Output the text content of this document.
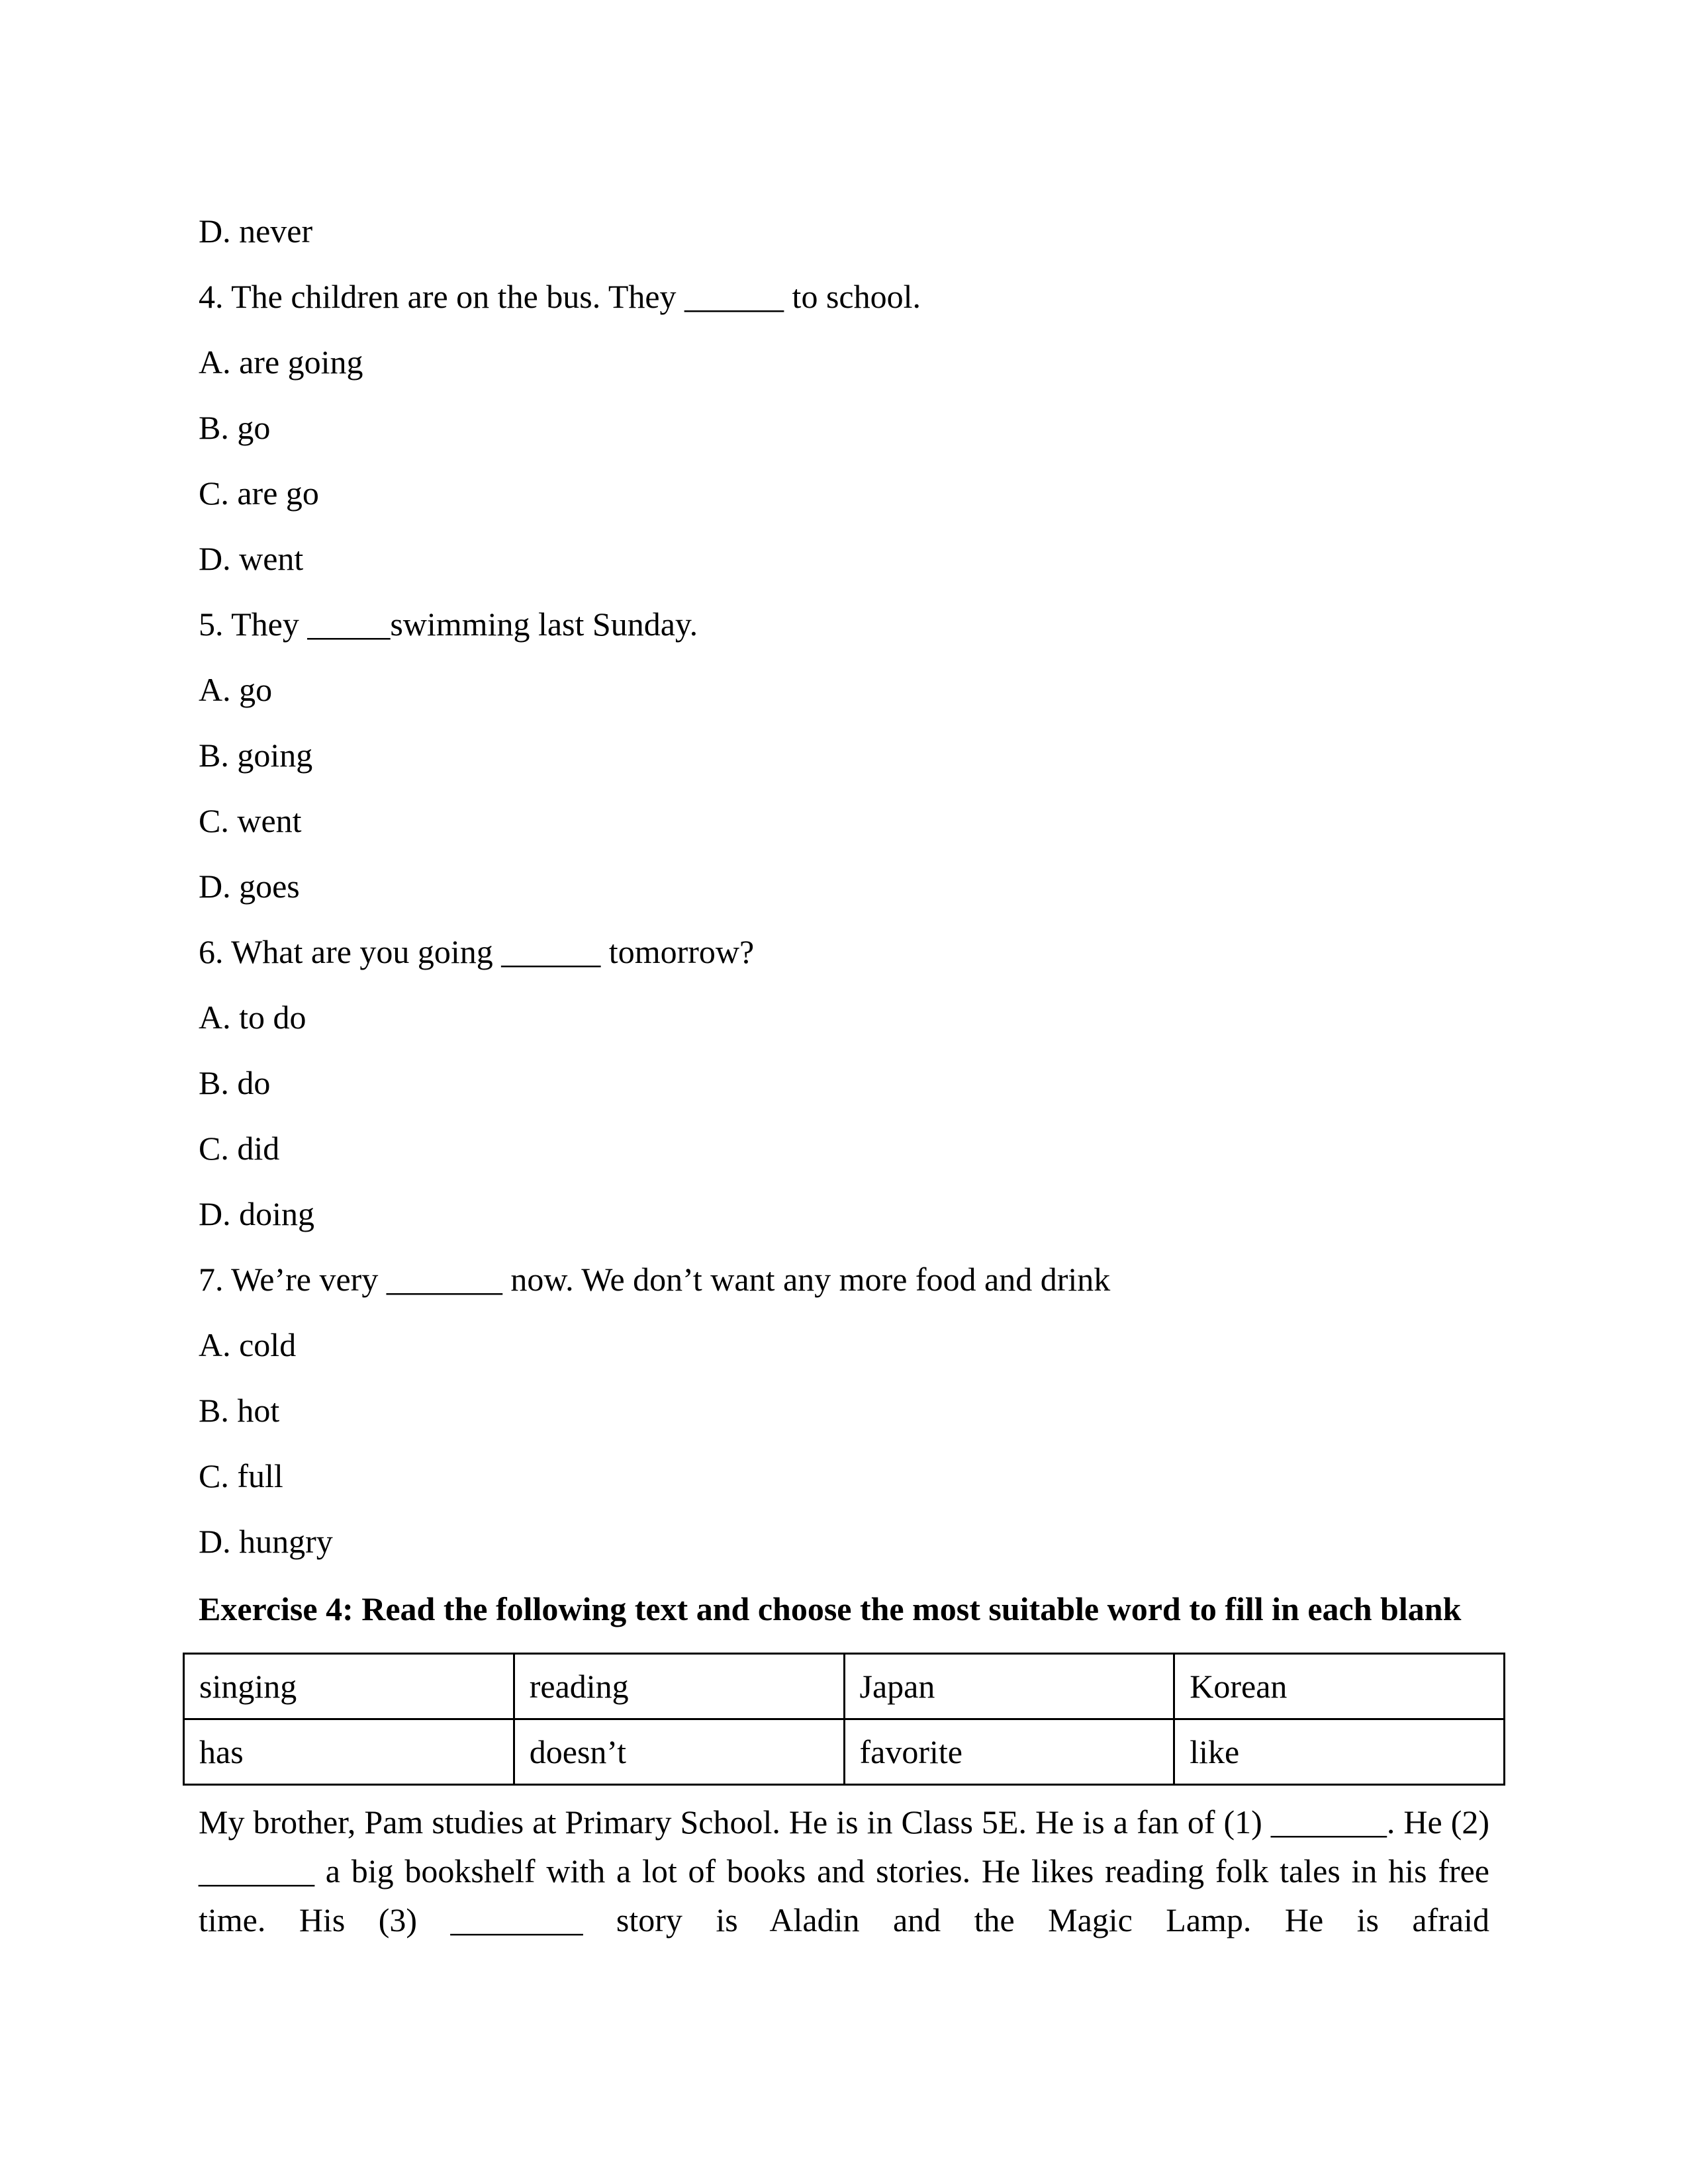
D. never

4. The children are on the bus. They ______ to school.

A. are going

B. go

C. are go

D. went

5. They _____swimming last Sunday.

A. go

B. going

C. went

D. goes

6. What are you going ______ tomorrow?

A. to do

B. do

C. did

D. doing

7. We’re very _______ now. We don’t want any more food and drink

A. cold

B. hot

C. full

D. hungry

Exercise 4: Read the following text and choose the most suitable word to fill in each blank

singing	reading	Japan	Korean
has	doesn’t	favorite	like

My brother, Pam studies at Primary School. He is in Class 5E. He is a fan of (1) _______. He (2) _______ a big bookshelf with a lot of books and stories. He likes reading folk tales in his free time. His (3) ________ story is Aladin and the Magic Lamp. He is afraid
